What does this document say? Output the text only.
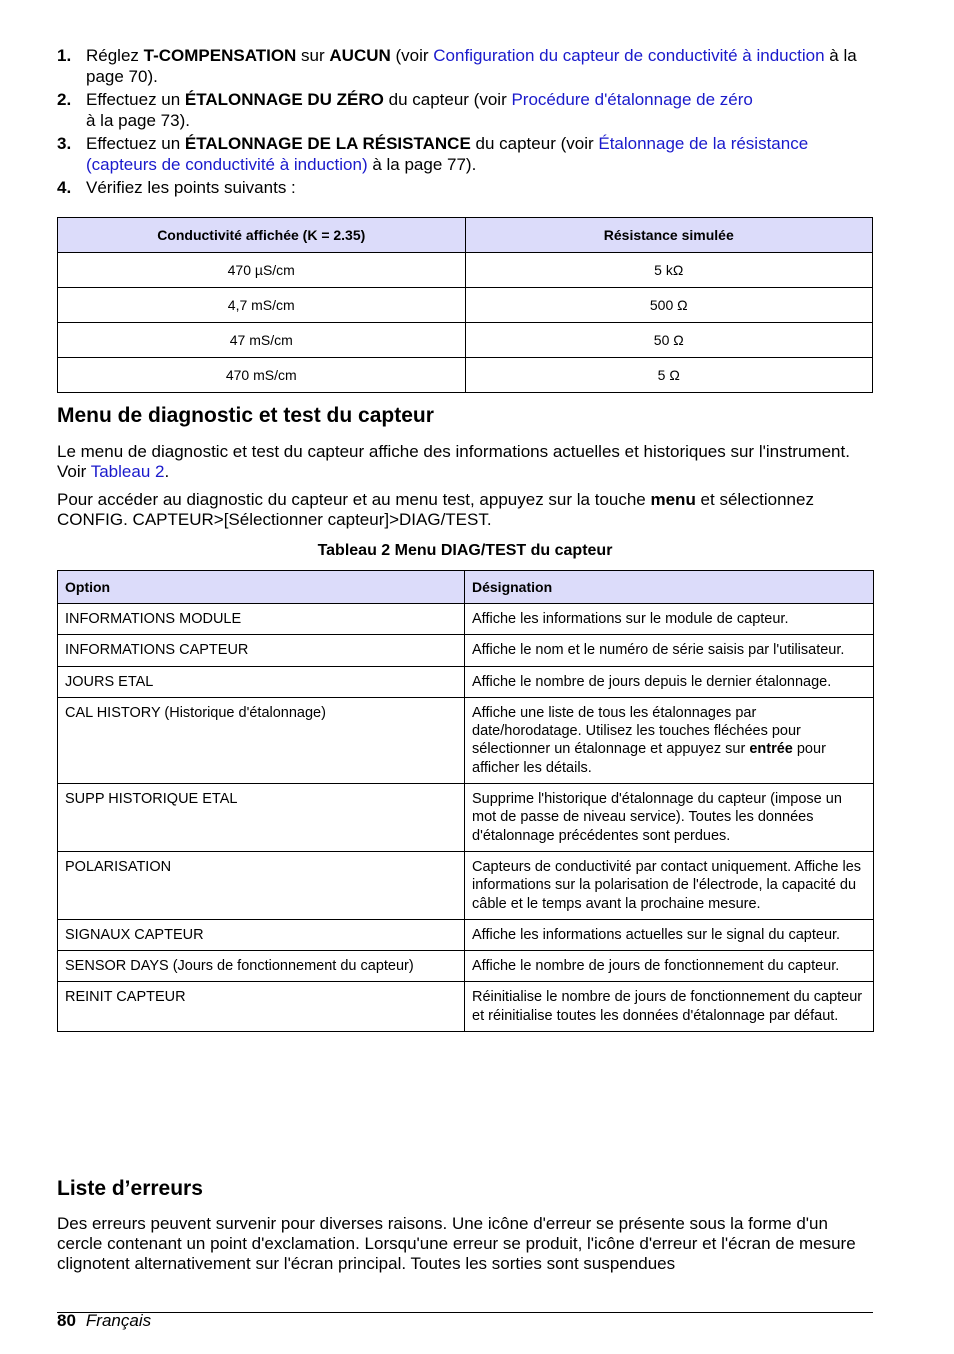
1. Réglez T-COMPENSATION sur AUCUN (voir Configuration du capteur de conductivité à induction à la page 70).
2. Effectuez un ÉTALONNAGE DU ZÉRO du capteur (voir Procédure d'étalonnage de zéro
à la page 73).
3. Effectuez un ÉTALONNAGE DE LA RÉSISTANCE du capteur (voir Étalonnage de la résistance (capteurs de conductivité à induction) à la page 77).
4. Vérifiez les points suivants :
Conductivité affichée (K = 2.35)	Résistance simulée
470 µS/cm	5 kΩ
4,7 mS/cm	500 Ω
47 mS/cm	50 Ω
470 mS/cm	5 Ω
Menu de diagnostic et test du capteur

Le menu de diagnostic et test du capteur affiche des informations actuelles et historiques sur l'instrument. Voir Tableau 2.

Pour accéder au diagnostic du capteur et au menu test, appuyez sur la touche menu et sélectionnez CONFIG. CAPTEUR>[Sélectionner capteur]>DIAG/TEST.

Tableau 2 Menu DIAG/TEST du capteur
Option	Désignation
INFORMATIONS MODULE	Affiche les informations sur le module de capteur.
INFORMATIONS CAPTEUR	Affiche le nom et le numéro de série saisis par l'utilisateur.
JOURS ETAL	Affiche le nombre de jours depuis le dernier étalonnage.
CAL HISTORY (Historique d'étalonnage)	Affiche une liste de tous les étalonnages par date/horodatage. Utilisez les touches fléchées pour sélectionner un étalonnage et appuyez sur entrée pour afficher les détails.
SUPP HISTORIQUE ETAL	Supprime l'historique d'étalonnage du capteur (impose un mot de passe de niveau service). Toutes les données d'étalonnage précédentes sont perdues.
POLARISATION	Capteurs de conductivité par contact uniquement. Affiche les informations sur la polarisation de l'électrode, la capacité du câble et le temps avant la prochaine mesure.
SIGNAUX CAPTEUR	Affiche les informations actuelles sur le signal du capteur.
SENSOR DAYS (Jours de fonctionnement du capteur)	Affiche le nombre de jours de fonctionnement du capteur.
REINIT CAPTEUR	Réinitialise le nombre de jours de fonctionnement du capteur et réinitialise toutes les données d'étalonnage par défaut.
Liste d’erreurs

Des erreurs peuvent survenir pour diverses raisons. Une icône d'erreur se présente sous la forme d'un cercle contenant un point d'exclamation. Lorsqu'une erreur se produit, l'icône d'erreur et l'écran de mesure clignotent alternativement sur l'écran principal. Toutes les sorties sont suspendues

80 Français
